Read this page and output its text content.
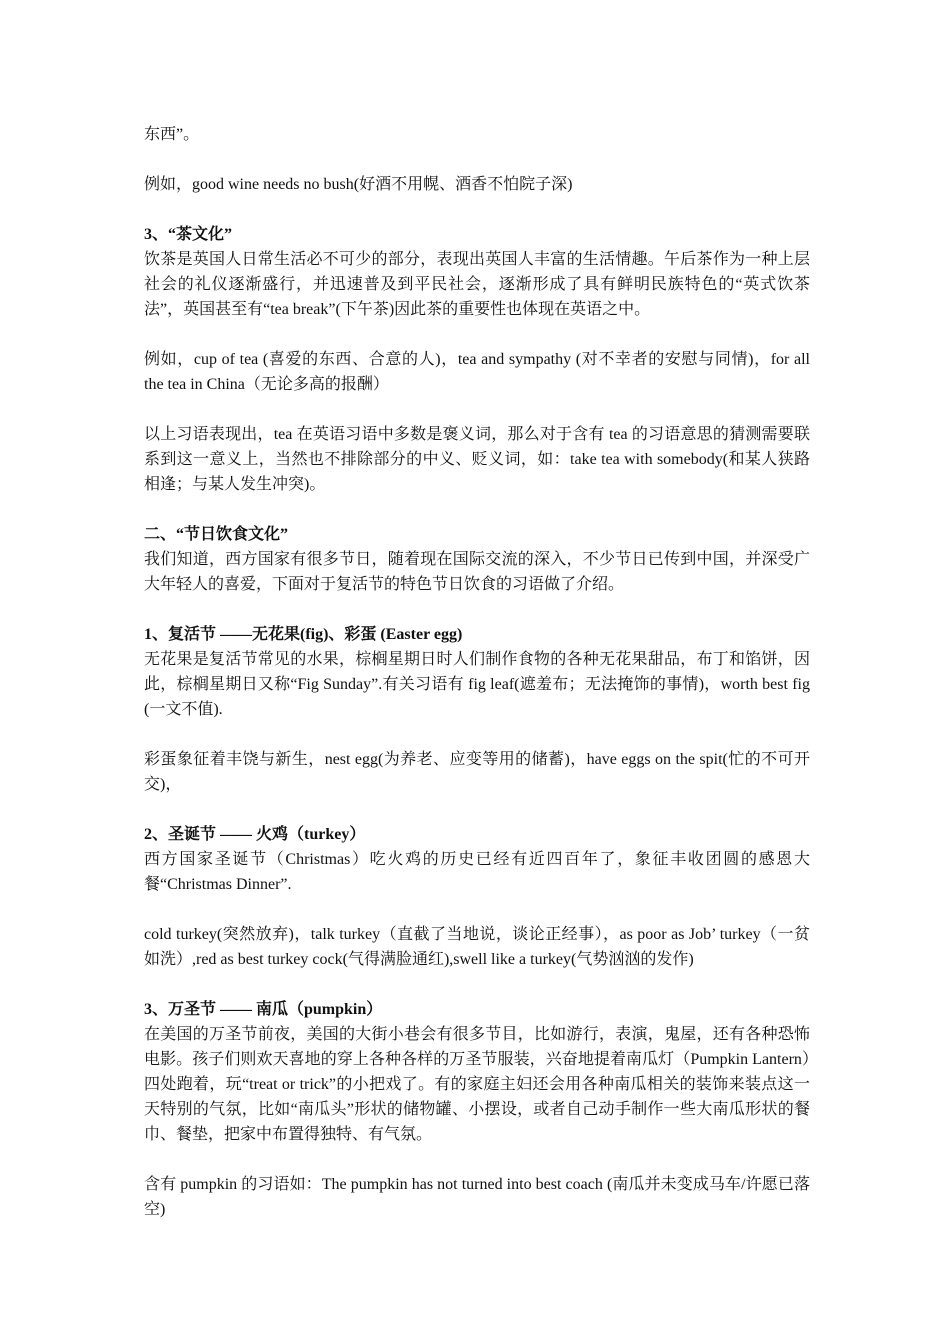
东西”。

例如，good wine needs no bush(好酒不用幌、酒香不怕院子深)

3、“茶文化”

饮茶是英国人日常生活必不可少的部分，表现出英国人丰富的生活情趣。午后茶作为一种上层社会的礼仪逐渐盛行，并迅速普及到平民社会，逐渐形成了具有鲜明民族特色的“英式饮茶法”，英国甚至有“tea break”(下午茶)因此茶的重要性也体现在英语之中。

例如，cup of tea (喜爱的东西、合意的人)，tea and sympathy (对不幸者的安慰与同情)，for all the tea in China（无论多高的报酬）

以上习语表现出，tea 在英语习语中多数是褒义词，那么对于含有 tea 的习语意思的猜测需要联系到这一意义上，当然也不排除部分的中义、贬义词，如：take tea with somebody(和某人狭路相逢；与某人发生冲突)。

二、“节日饮食文化”

我们知道，西方国家有很多节日，随着现在国际交流的深入，不少节日已传到中国，并深受广大年轻人的喜爱，下面对于复活节的特色节日饮食的习语做了介绍。

1、复活节 ——无花果(fig)、彩蛋 (Easter egg)

无花果是复活节常见的水果，棕榈星期日时人们制作食物的各种无花果甜品，布丁和馅饼，因此，棕榈星期日又称“Fig Sunday”.有关习语有 fig leaf(遮羞布；无法掩饰的事情)，worth best fig (一文不值).

彩蛋象征着丰饶与新生，nest egg(为养老、应变等用的储蓄)，have eggs on the spit(忙的不可开交)，

2、圣诞节 —— 火鸡（turkey）

西方国家圣诞节（Christmas）吃火鸡的历史已经有近四百年了，象征丰收团圆的感恩大餐“Christmas Dinner”.

cold turkey(突然放弃)，talk turkey（直截了当地说，谈论正经事），as poor as Job’ turkey（一贫如洗）,red as best turkey cock(气得满脸通红),swell like a turkey(气势汹汹的发作)

3、万圣节 —— 南瓜（pumpkin）

在美国的万圣节前夜，美国的大街小巷会有很多节目，比如游行，表演，鬼屋，还有各种恐怖电影。孩子们则欢天喜地的穿上各种各样的万圣节服装，兴奋地提着南瓜灯（Pumpkin Lantern）四处跑着，玩“treat or trick”的小把戏了。有的家庭主妇还会用各种南瓜相关的装饰来装点这一天特别的气氛，比如“南瓜头”形状的储物罐、小摆设，或者自己动手制作一些大南瓜形状的餐巾、餐垫，把家中布置得独特、有气氛。

含有 pumpkin 的习语如：The pumpkin has not turned into best coach (南瓜并未变成马车/许愿已落空)
